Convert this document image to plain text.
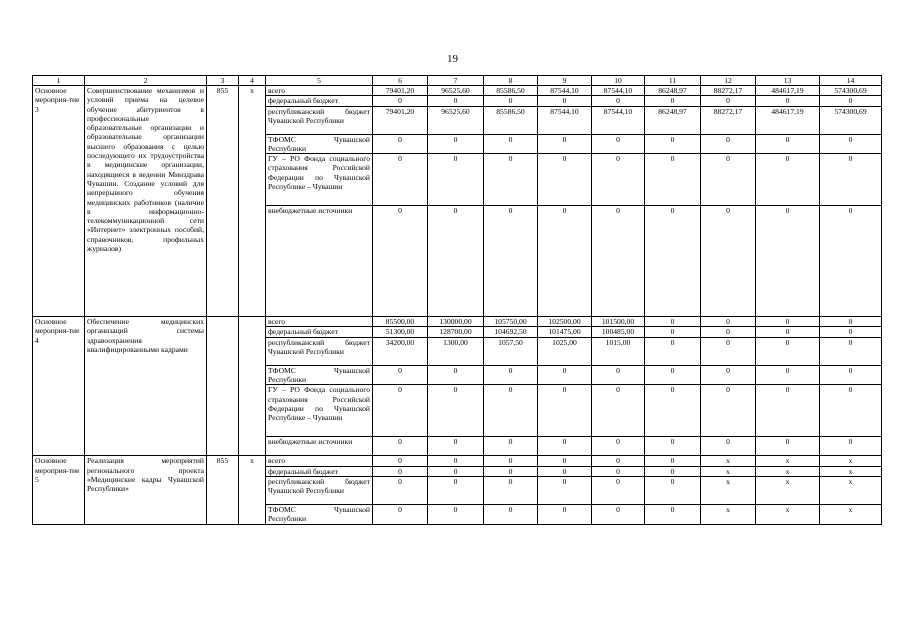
19
1	2	3	4	5	6	7	8	9	10	11	12	13	14
Основное мероприя-тие 3	Совершенствование механизмов и условий приема на целевое обучение абитуриентов в профессиональные образовательные организации и образовательные организации высшего образования с целью последующего их трудоустройства в медицинские организации, находящиеся в ведении Минздрава Чувашии. Создание условий для непрерывного обучения медицинских работников (наличие в информационно-телекоммуникационной сети «Интернет» электронных пособий, справочников, профильных журналов)	855	х	всего	79401,20	96525,60	85586,50	87544,10	87544,10	86248,97	88272,17	484617,19	574300,69
				федеральный бюджет	0	0	0	0	0	0	0	0	0
				республиканский бюджет Чувашской Республики	79401,20	96525,60	85586,50	87544,10	87544,10	86248,97	88272,17	484617,19	574300,69
				ТФОМС Чувашской Республики	0	0	0	0	0	0	0	0	0
				ГУ – РО Фонда социального страхования Российской Федерации по Чувашской Республике – Чувашии	0	0	0	0	0	0	0	0	0
				внебюджетные источники	0	0	0	0	0	0	0	0	0
Основное мероприя-тие 4	Обеспечение медицинских организаций системы здравоохранения квалифицированными кадрами			всего	85500,00	130000,00	105750,00	102500,00	101500,00	0	0	0	0
				федеральный бюджет	51300,00	128700,00	104692,50	101475,00	100485,00	0	0	0	0
				республиканский бюджет Чувашской Республики	34200,00	1300,00	1057,50	1025,00	1015,00	0	0	0	0
				ТФОМС Чувашской Республики	0	0	0	0	0	0	0	0	0
				ГУ – РО Фонда социального страхования Российской Федерации по Чувашской Республике – Чувашии	0	0	0	0	0	0	0	0	0
				внебюджетные источники	0	0	0	0	0	0	0	0	0
Основное мероприя-тие 5	Реализация мероприятий регионального проекта «Медицинские кадры Чувашской Республики»	855	х	всего	0	0	0	0	0	0	х	х	х
				федеральный бюджет	0	0	0	0	0	0	х	х	х
				республиканский бюджет Чувашской Республики	0	0	0	0	0	0	х	х	х
				ТФОМС Чувашской Республики	0	0	0	0	0	0	х	х	х
